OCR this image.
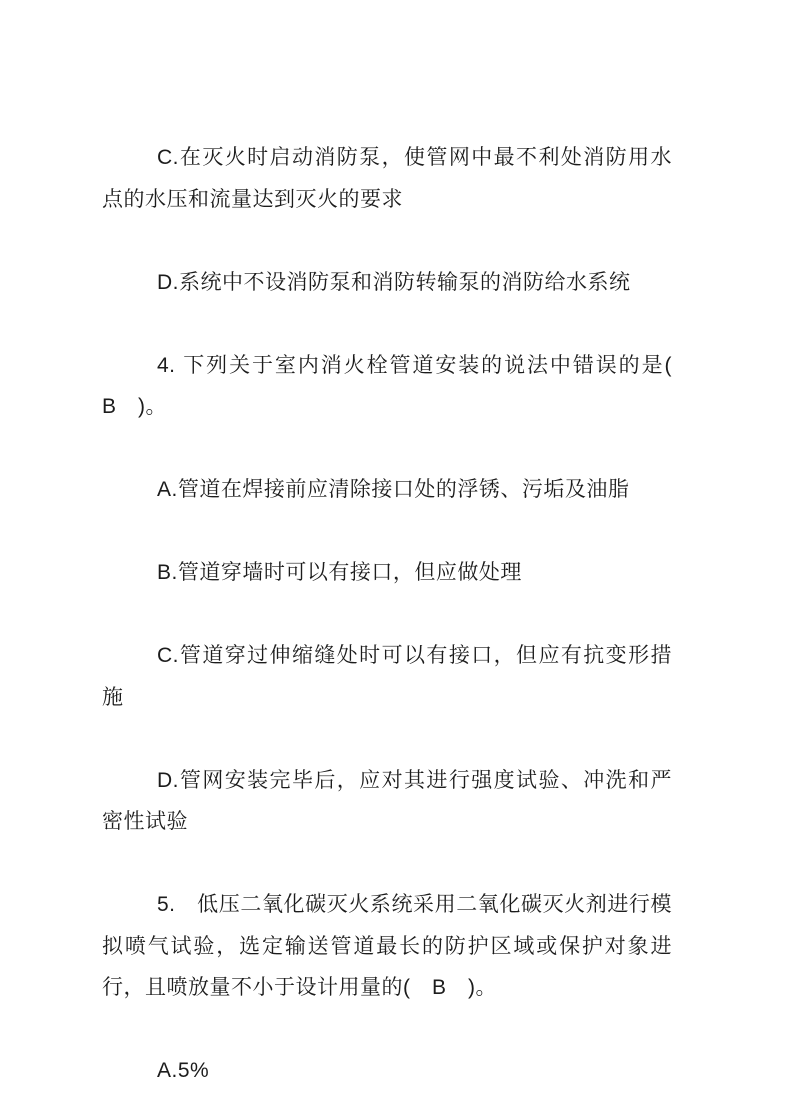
C.在灭火时启动消防泵，使管网中最不利处消防用水点的水压和流量达到灭火的要求

D.系统中不设消防泵和消防转输泵的消防给水系统

4. 下列关于室内消火栓管道安装的说法中错误的是(　B　)。

A.管道在焊接前应清除接口处的浮锈、污垢及油脂

B.管道穿墙时可以有接口，但应做处理

C.管道穿过伸缩缝处时可以有接口，但应有抗变形措施

D.管网安装完毕后，应对其进行强度试验、冲洗和严密性试验

5.　低压二氧化碳灭火系统采用二氧化碳灭火剂进行模拟喷气试验，选定输送管道最长的防护区域或保护对象进行，且喷放量不小于设计用量的(　B　)。

A.5%
